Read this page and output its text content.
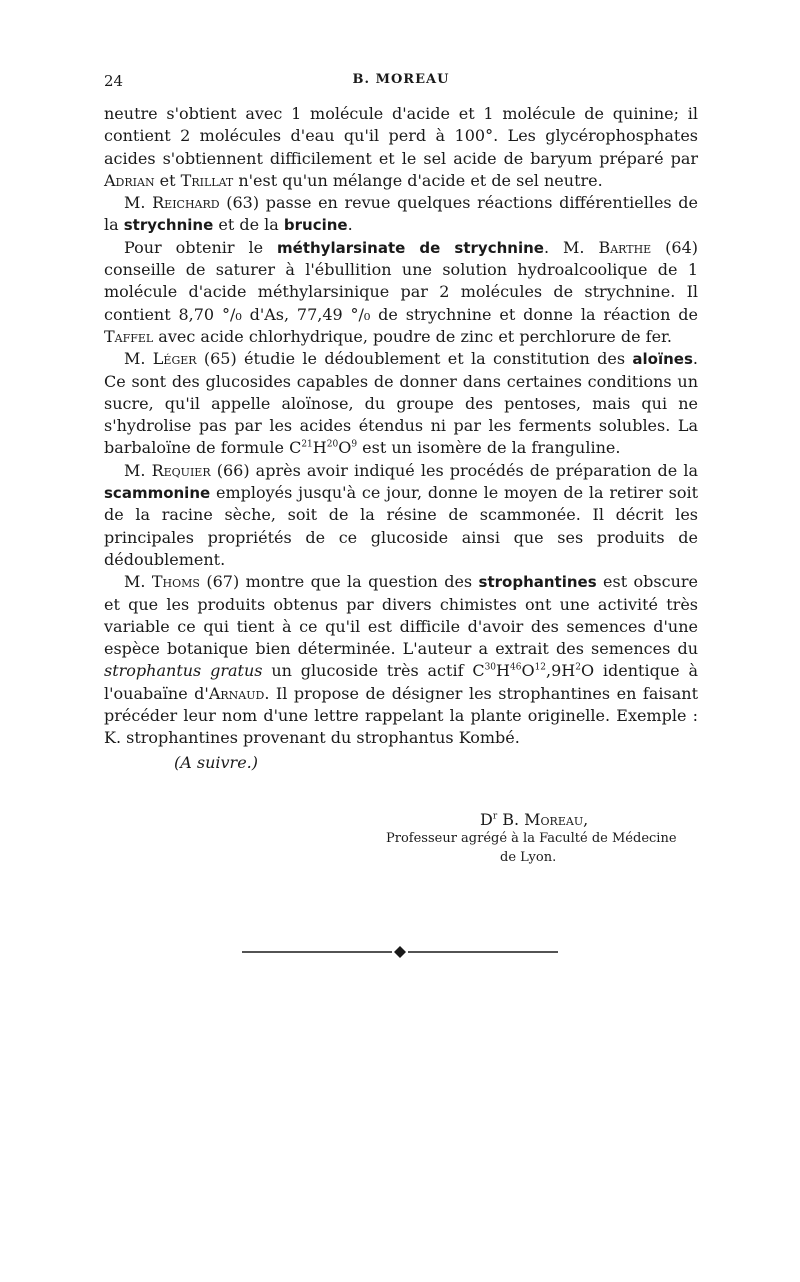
24	B. MOREAU

neutre s'obtient avec 1 molécule d'acide et 1 molécule de quinine; il contient 2 molécules d'eau qu'il perd à 100°. Les glycérophosphates acides s'obtiennent difficilement et le sel acide de baryum préparé par Adrian et Trillat n'est qu'un mélange d'acide et de sel neutre.

M. Reichard (63) passe en revue quelques réactions différentielles de la strychnine et de la brucine.

Pour obtenir le méthylarsinate de strychnine. M. Barthe (64) conseille de saturer à l'ébullition une solution hydroalcoolique de 1 molécule d'acide méthylarsinique par 2 molécules de strychnine. Il contient 8,70 °/₀ d'As, 77,49 °/₀ de strychnine et donne la réaction de Taffel avec acide chlorhydrique, poudre de zinc et perchlorure de fer.

M. Léger (65) étudie le dédoublement et la constitution des aloïnes. Ce sont des glucosides capables de donner dans certaines conditions un sucre, qu'il appelle aloïnose, du groupe des pentoses, mais qui ne s'hydrolise pas par les acides étendus ni par les ferments solubles. La barbaloïne de formule $C^{21}H^{20}O^9$ est un isomère de la franguline.

M. Requier (66) après avoir indiqué les procédés de préparation de la scammonine employés jusqu'à ce jour, donne le moyen de la retirer soit de la racine sèche, soit de la résine de scammonée. Il décrit les principales propriétés de ce glucoside ainsi que ses produits de dédoublement.

M. Thoms (67) montre que la question des strophantines est obscure et que les produits obtenus par divers chimistes ont une activité très variable ce qui tient à ce qu'il est difficile d'avoir des semences d'une espèce botanique bien déterminée. L'auteur a extrait des semences du strophantus gratus un glucoside très actif $C^{30}H^{46}O^{12},9H^2O$ identique à l'ouabaïne d'Arnaud. Il propose de désigner les strophantines en faisant précéder leur nom d'une lettre rappelant la plante originelle. Exemple : K. strophantines provenant du strophantus Kombé.

(A suivre.)

$D^r$ B. Moreau,
Professeur agrégé à la Faculté de Médecine
de Lyon.
